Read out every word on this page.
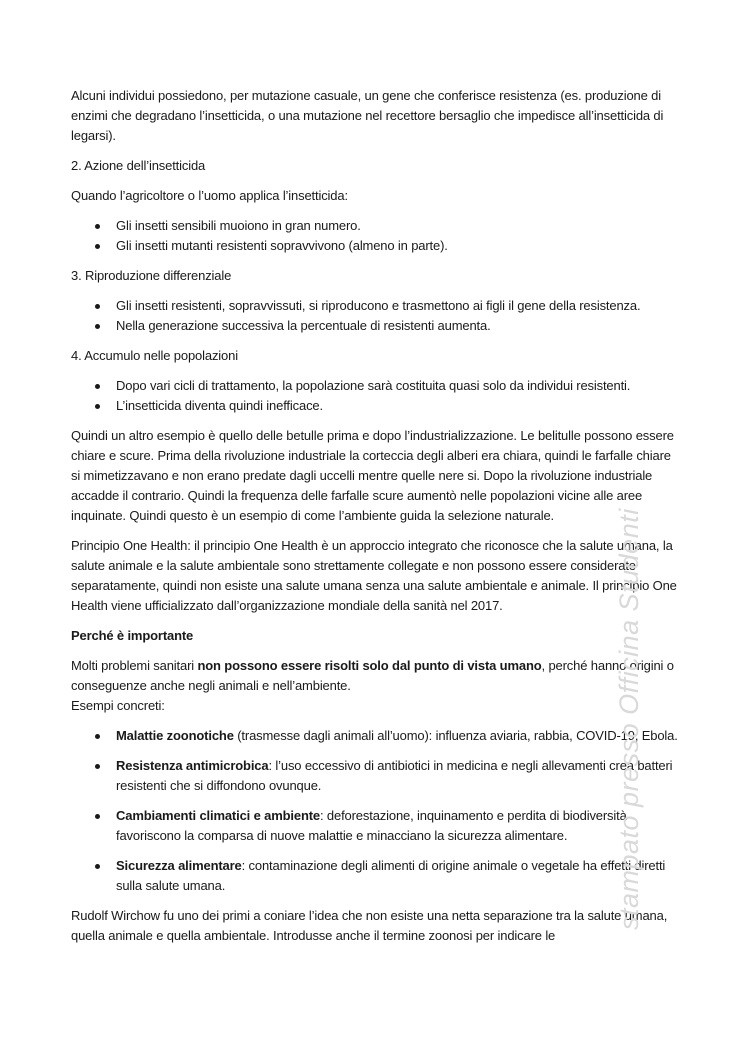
Alcuni individui possiedono, per mutazione casuale, un gene che conferisce resistenza (es. produzione di enzimi che degradano l’insetticida, o una mutazione nel recettore bersaglio che impedisce all’insetticida di legarsi).

2. Azione dell’insetticida

Quando l’agricoltore o l’uomo applica l’insetticida:

Gli insetti sensibili muoiono in gran numero.
Gli insetti mutanti resistenti sopravvivono (almeno in parte).

3. Riproduzione differenziale

Gli insetti resistenti, sopravvissuti, si riproducono e trasmettono ai figli il gene della resistenza.
Nella generazione successiva la percentuale di resistenti aumenta.

4. Accumulo nelle popolazioni

Dopo vari cicli di trattamento, la popolazione sarà costituita quasi solo da individui resistenti.
L’insetticida diventa quindi inefficace.

Quindi un altro esempio è quello delle betulle prima e dopo l’industrializzazione. Le belitulle possono essere chiare e scure. Prima della rivoluzione industriale la corteccia degli alberi era chiara, quindi le farfalle chiare si mimetizzavano e non erano predate dagli uccelli mentre quelle nere si. Dopo la rivoluzione industriale accadde il contrario. Quindi la frequenza delle farfalle scure aumentò nelle popolazioni vicine alle aree inquinate. Quindi questo è un esempio di come l’ambiente guida la selezione naturale.

Principio One Health: il principio One Health è un approccio integrato che riconosce che la salute umana, la salute animale e la salute ambientale sono strettamente collegate e non possono essere considerate separatamente, quindi non esiste una salute umana senza una salute ambientale e animale. Il principio One Health viene ufficializzato dall’organizzazione mondiale della sanità nel 2017.

Perché è importante

Molti problemi sanitari non possono essere risolti solo dal punto di vista umano, perché hanno origini o conseguenze anche negli animali e nell’ambiente.

Esempi concreti:

Malattie zoonotiche (trasmesse dagli animali all’uomo): influenza aviaria, rabbia, COVID-19, Ebola.
Resistenza antimicrobica: l’uso eccessivo di antibiotici in medicina e negli allevamenti crea batteri resistenti che si diffondono ovunque.
Cambiamenti climatici e ambiente: deforestazione, inquinamento e perdita di biodiversità favoriscono la comparsa di nuove malattie e minacciano la sicurezza alimentare.
Sicurezza alimentare: contaminazione degli alimenti di origine animale o vegetale ha effetti diretti sulla salute umana.

Rudolf Wirchow fu uno dei primi a coniare l’idea che non esiste una netta separazione tra la salute umana, quella animale e quella ambientale. Introdusse anche il termine zoonosi per indicare le

stampato presso Officina Studenti
